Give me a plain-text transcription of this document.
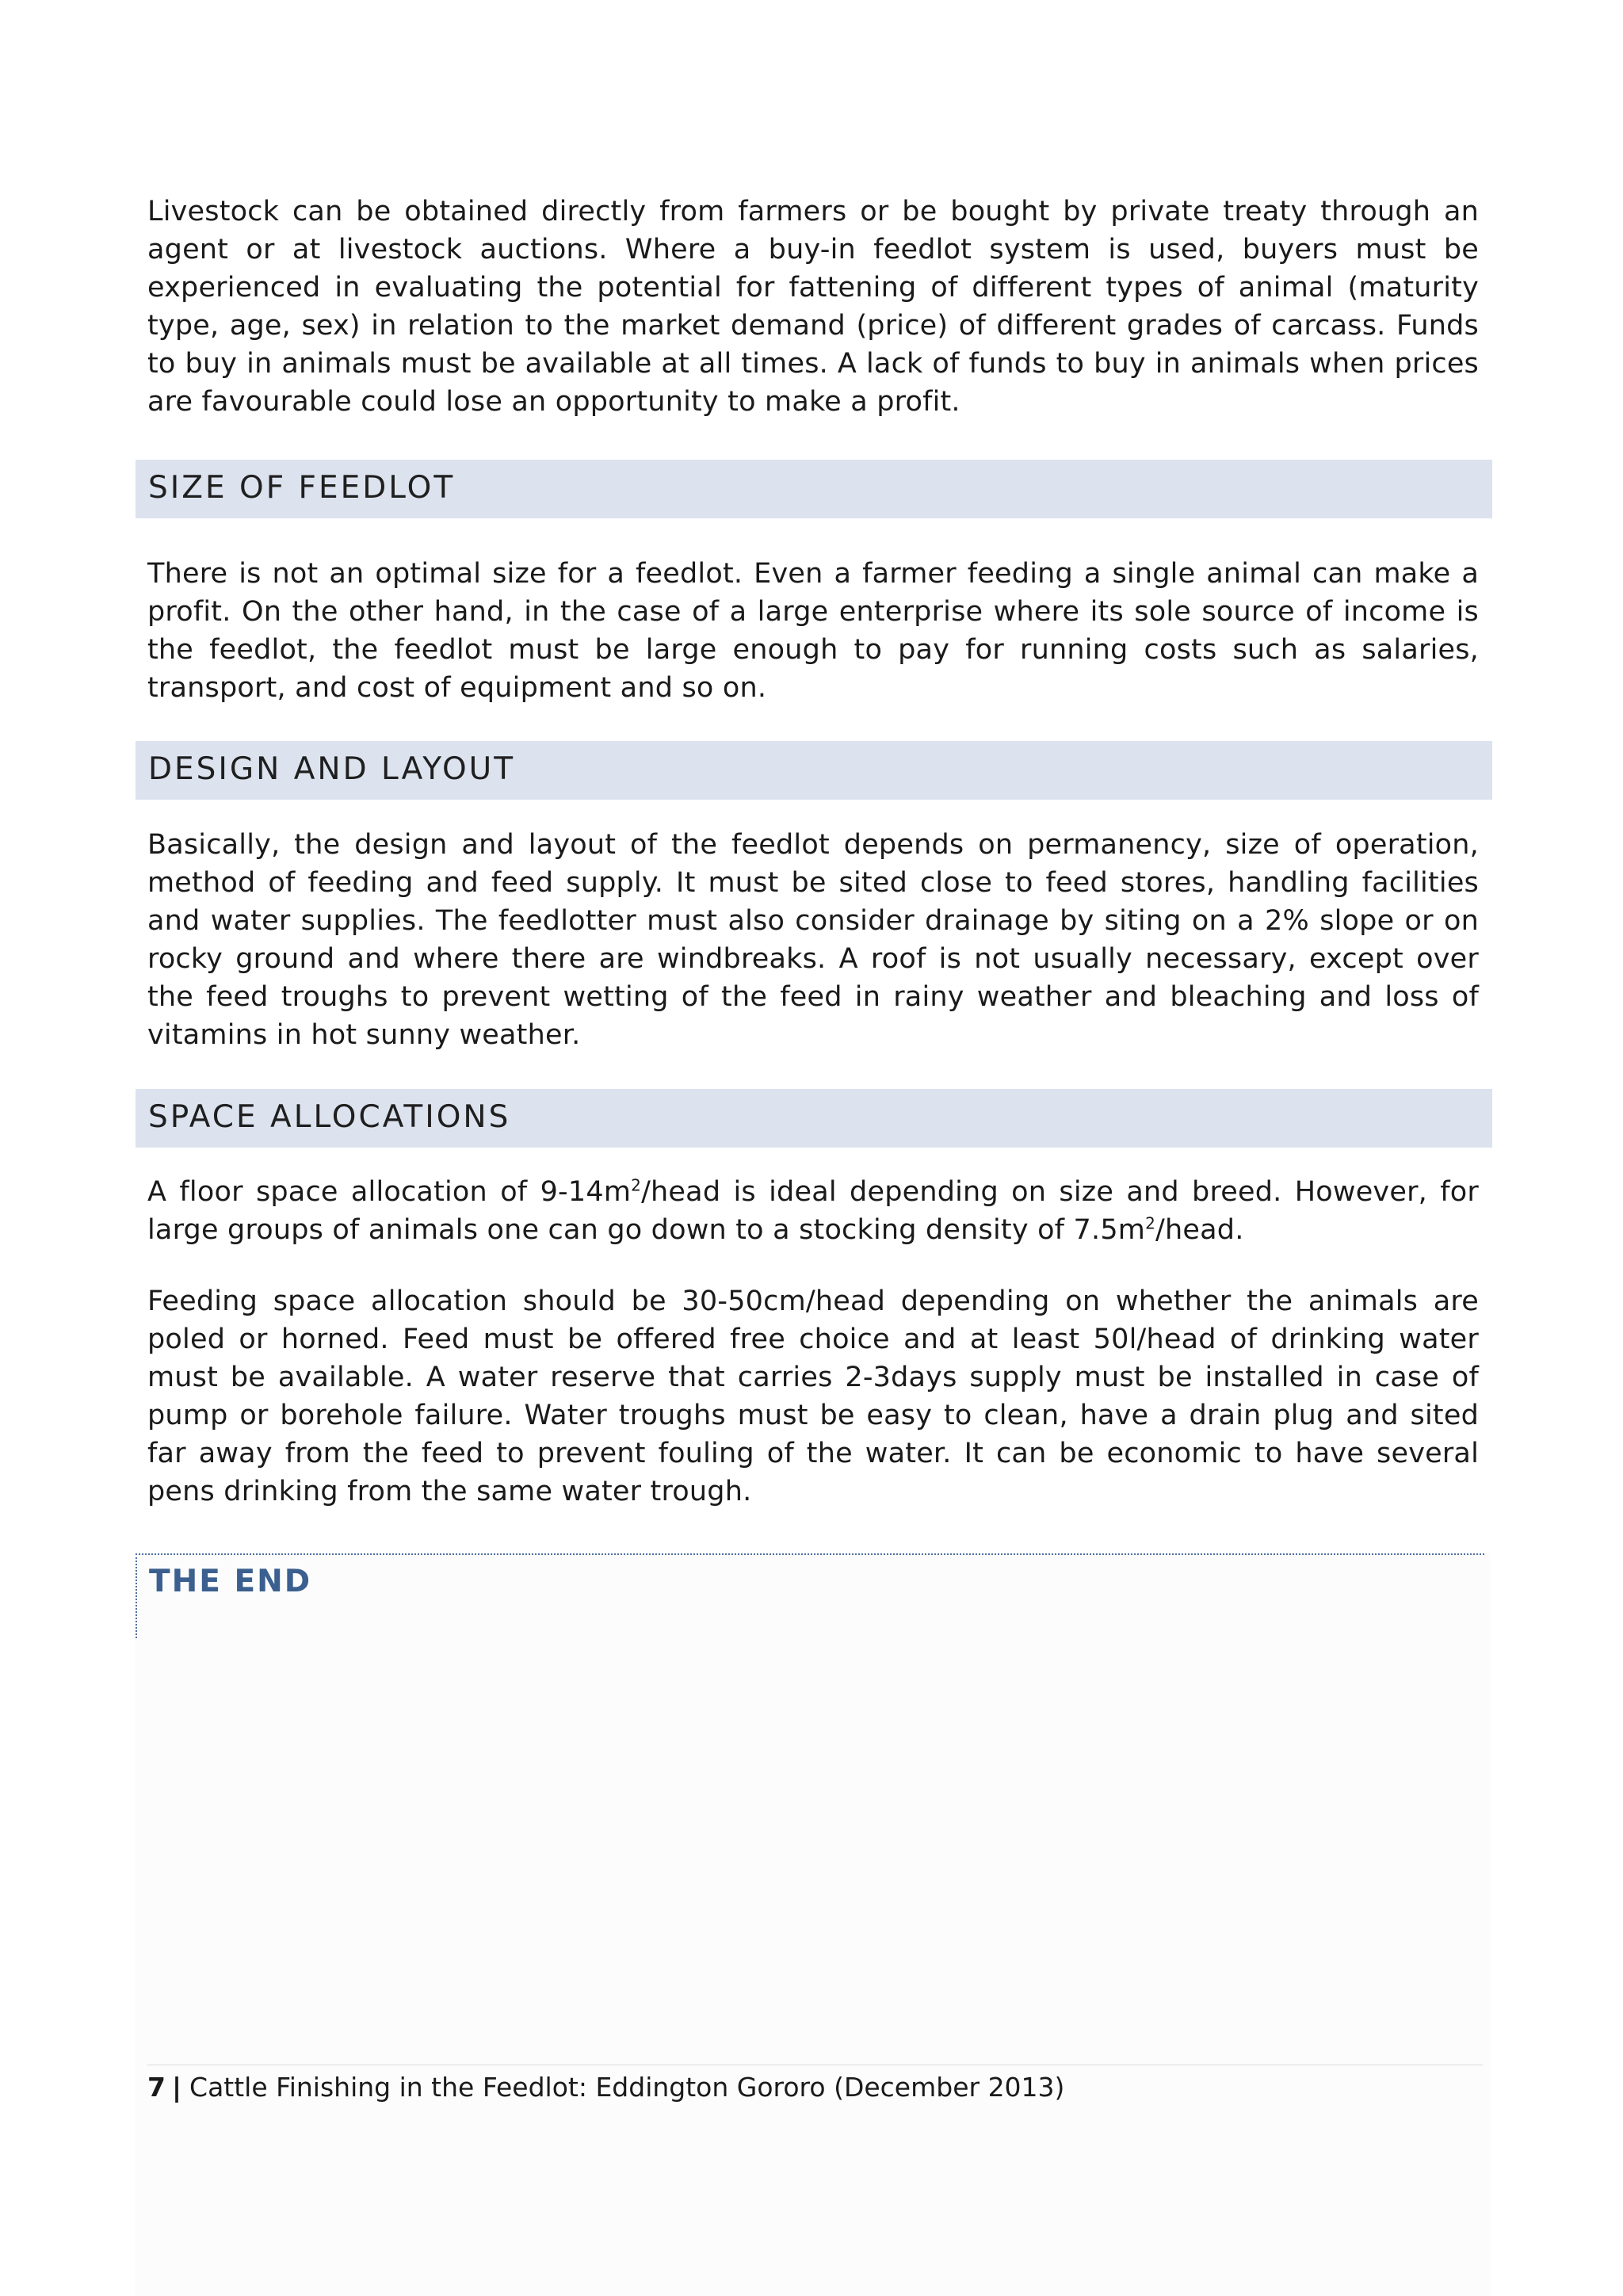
Livestock can be obtained directly from farmers or be bought by private treaty through an agent or at livestock auctions. Where a buy-in feedlot system is used, buyers must be experienced in evaluating the potential for fattening of different types of animal (maturity type, age, sex) in relation to the market demand (price) of different grades of carcass. Funds to buy in animals must be available at all times. A lack of funds to buy in animals when prices are favourable could lose an opportunity to make a profit.

SIZE OF FEEDLOT

There is not an optimal size for a feedlot. Even a farmer feeding a single animal can make a profit. On the other hand, in the case of a large enterprise where its sole source of income is the feedlot, the feedlot must be large enough to pay for running costs such as salaries, transport, and cost of equipment and so on.

DESIGN AND LAYOUT

Basically, the design and layout of the feedlot depends on permanency, size of operation, method of feeding and feed supply. It must be sited close to feed stores, handling facilities and water supplies. The feedlotter must also consider drainage by siting on a 2% slope or on rocky ground and where there are windbreaks. A roof is not usually necessary, except over the feed troughs to prevent wetting of the feed in rainy weather and bleaching and loss of vitamins in hot sunny weather.

SPACE ALLOCATIONS

A floor space allocation of $9-14m^2$/head is ideal depending on size and breed. However, for large groups of animals one can go down to a stocking density of $7.5m^2$/head.

Feeding space allocation should be 30-50cm/head depending on whether the animals are poled or horned. Feed must be offered free choice and at least 50l/head of drinking water must be available. A water reserve that carries 2-3days supply must be installed in case of pump or borehole failure. Water troughs must be easy to clean, have a drain plug and sited far away from the feed to prevent fouling of the water. It can be economic to have several pens drinking from the same water trough.

THE END
7 | Cattle Finishing in the Feedlot: Eddington Gororo (December 2013)
